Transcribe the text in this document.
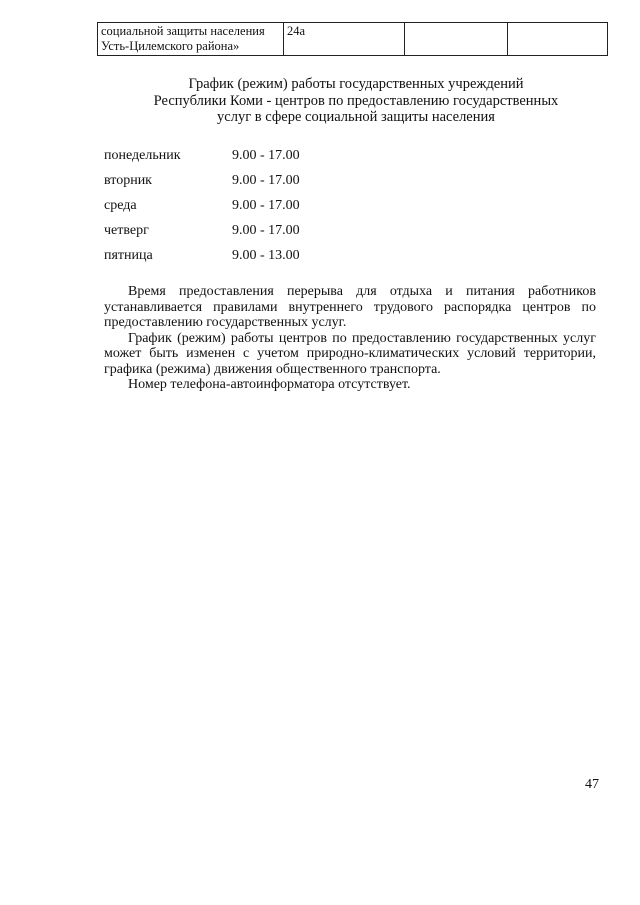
социальной защиты населения
Усть-Цилемского района»
	24а		
График (режим) работы государственных учреждений
Республики Коми - центров по предоставлению государственных
услуг в сфере социальной защиты населения
понедельник	9.00 - 17.00
вторник	9.00 - 17.00
среда	9.00 - 17.00
четверг	9.00 - 17.00
пятница	9.00 - 13.00

Время предоставления перерыва для отдыха и питания работников устанавливается правилами внутреннего трудового распорядка центров по предоставлению государственных услуг.

График (режим) работы центров по предоставлению государственных услуг может быть изменен с учетом природно-климатических условий территории, графика (режима) движения общественного транспорта.

Номер телефона-автоинформатора отсутствует.

47
